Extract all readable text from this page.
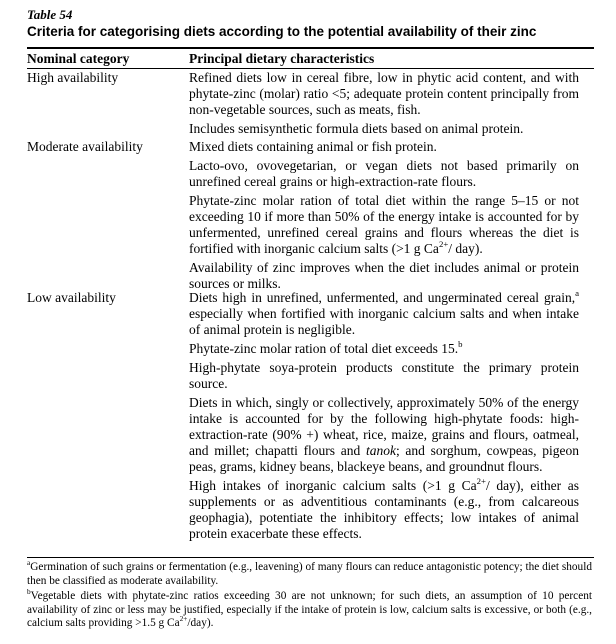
Table 54
Criteria for categorising diets according to the potential availability of their zinc
Nominal category	Principal dietary characteristics
High availability	Refined diets low in cereal fibre, low in phytic acid content, and with phytate-zinc (molar) ratio <5; adequate protein content principally from non-vegetable sources, such as meats, fish.

Includes semisynthetic formula diets based on animal protein.

Moderate availability	Mixed diets containing animal or fish protein.

Lacto-ovo, ovovegetarian, or vegan diets not based primarily on unrefined cereal grains or high-extraction-rate flours.

Phytate-zinc molar ration of total diet within the range 5–15 or not exceeding 10 if more than 50% of the energy intake is accounted for by unfermented, unrefined cereal grains and flours whereas the diet is fortified with inorganic calcium salts (>1 g $Ca^{2+}/$ day).

Availability of zinc improves when the diet includes animal or protein sources or milks.

Low availability	Diets high in unrefined, unfermented, and ungerminated cereal grain,$^a$ especially when fortified with inorganic calcium salts and when intake of animal protein is negligible.

Phytate-zinc molar ration of total diet exceeds 15.$^b$

High-phytate soya-protein products constitute the primary protein source.

Diets in which, singly or collectively, approximately 50% of the energy intake is accounted for by the following high-phytate foods: high-extraction-rate (90% +) wheat, rice, maize, grains and flours, oatmeal, and millet; chapatti flours and tanok; and sorghum, cowpeas, pigeon peas, grams, kidney beans, blackeye beans, and groundnut flours.

High intakes of inorganic calcium salts (>1 g $Ca^{2+}/$ day), either as supplements or as adventitious contaminants (e.g., from calcareous geophagia), potentiate the inhibitory effects; low intakes of animal protein exacerbate these effects.

$^a$Germination of such grains or fermentation (e.g., leavening) of many flours can reduce antagonistic potency; the diet should then be classified as moderate availability.

$^b$Vegetable diets with phytate-zinc ratios exceeding 30 are not unknown; for such diets, an assumption of 10 percent availability of zinc or less may be justified, especially if the intake of protein is low, calcium salts is excessive, or both (e.g., calcium salts providing >1.5 g $Ca^{2+}/day$).
